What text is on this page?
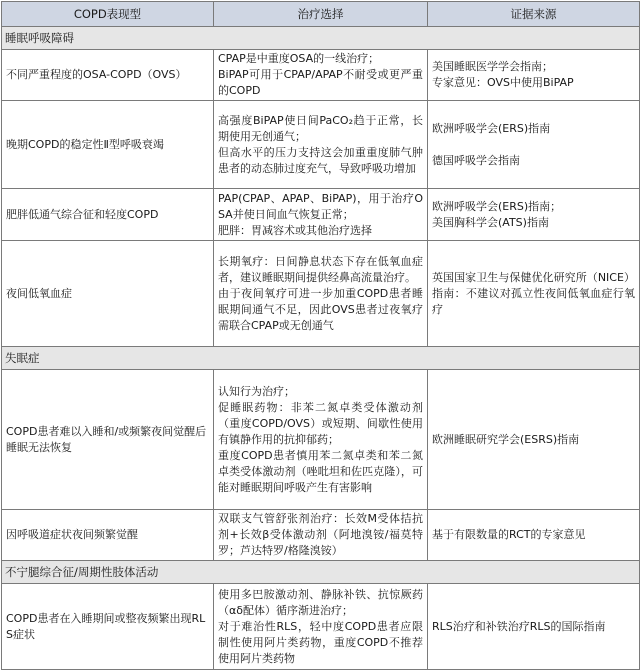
COPD表现型	治疗选择	证据来源
睡眠呼吸障碍		
不同严重程度的OSA-COPD（OVS）	CPAP是中重度OSA的一线治疗；
BiPAP可用于CPAP/APAP不耐受或更严重的COPD	美国睡眠医学学会指南；
专家意见：OVS中使用BiPAP
晚期COPD的稳定性Ⅱ型呼吸衰竭	高强度BiPAP使日间PaCO₂趋于正常，长期使用无创通气；
但高水平的压力支持这会加重重度肺气肿患者的动态肺过度充气，导致呼吸功增加	欧洲呼吸学会(ERS)指南

德国呼吸学会指南
肥胖低通气综合征和轻度COPD	PAP(CPAP、APAP、BiPAP)，用于治疗OSA并使日间血气恢复正常；
肥胖：胃减容术或其他治疗选择	欧洲呼吸学会(ERS)指南；
美国胸科学会(ATS)指南
夜间低氧血症	长期氧疗：日间静息状态下存在低氧血症者，建议睡眠期间提供经鼻高流量治疗。
由于夜间氧疗可进一步加重COPD患者睡眠期间通气不足，因此OVS患者过夜氧疗需联合CPAP或无创通气	英国国家卫生与保健优化研究所（NICE）指南：不建议对孤立性夜间低氧血症行氧疗
失眠症		
COPD患者难以入睡和/或频繁夜间觉醒后睡眠无法恢复	认知行为治疗；
促睡眠药物：非苯二氮卓类受体激动剂（重度COPD/OVS）或短期、间歇性使用有镇静作用的抗抑郁药；
重度COPD患者慎用苯二氮卓类和苯二氮卓类受体激动剂（唑吡坦和佐匹克隆），可能对睡眠期间呼吸产生有害影响	欧洲睡眠研究学会(ESRS)指南
因呼吸道症状夜间频繁觉醒	双联支气管舒张剂治疗：长效M受体拮抗剂+长效β受体激动剂（阿地溴铵/福莫特罗；芦达特罗/格隆溴铵）	基于有限数量的RCT的专家意见
不宁腿综合征/周期性肢体活动		
COPD患者在入睡期间或整夜频繁出现RLS症状	使用多巴胺激动剂、静脉补铁、抗惊厥药（αδ配体）循序渐进治疗；
对于难治性RLS，轻中度COPD患者应限制性使用阿片类药物，重度COPD不推荐使用阿片类药物	RLS治疗和补铁治疗RLS的国际指南
